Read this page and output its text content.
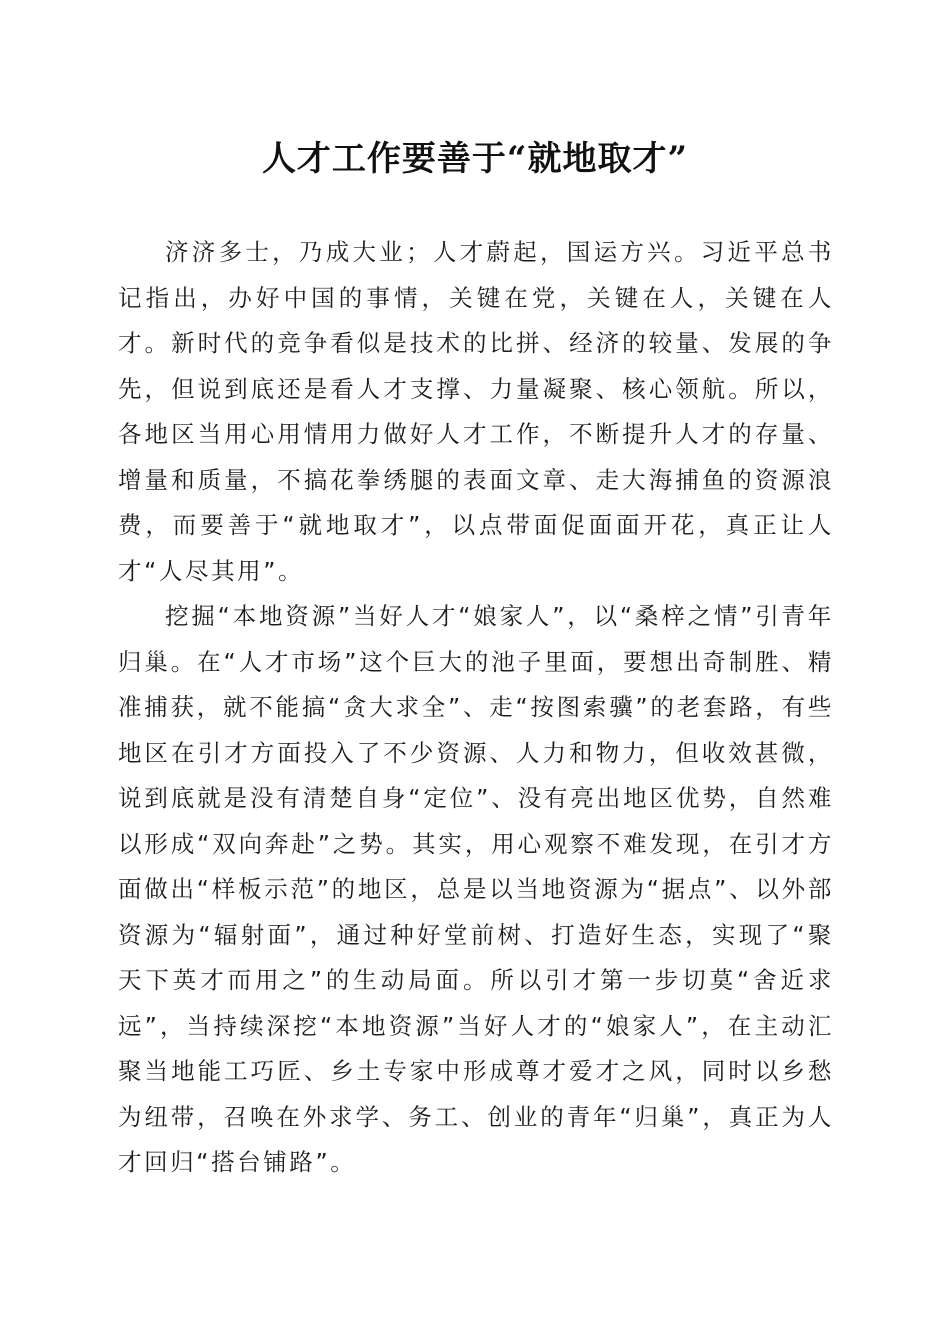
人才工作要善于“就地取才”

济济多士，乃成大业；人才蔚起，国运方兴。习近平总书记指出，办好中国的事情，关键在党，关键在人，关键在人才。新时代的竞争看似是技术的比拼、经济的较量、发展的争先，但说到底还是看人才支撑、力量凝聚、核心领航。所以，各地区当用心用情用力做好人才工作，不断提升人才的存量、增量和质量，不搞花拳绣腿的表面文章、走大海捕鱼的资源浪费，而要善于“就地取才”，以点带面促面面开花，真正让人才“人尽其用”。

挖掘“本地资源”当好人才“娘家人”，以“桑梓之情”引青年归巢。在“人才市场”这个巨大的池子里面，要想出奇制胜、精准捕获，就不能搞“贪大求全”、走“按图索骥”的老套路，有些地区在引才方面投入了不少资源、人力和物力，但收效甚微，说到底就是没有清楚自身“定位”、没有亮出地区优势，自然难以形成“双向奔赴”之势。其实，用心观察不难发现，在引才方面做出“样板示范”的地区，总是以当地资源为“据点”、以外部资源为“辐射面”，通过种好堂前树、打造好生态，实现了“聚天下英才而用之”的生动局面。所以引才第一步切莫“舍近求远”，当持续深挖“本地资源”当好人才的“娘家人”，在主动汇聚当地能工巧匠、乡土专家中形成尊才爱才之风，同时以乡愁为纽带，召唤在外求学、务工、创业的青年“归巢”，真正为人才回归“搭台铺路”。
